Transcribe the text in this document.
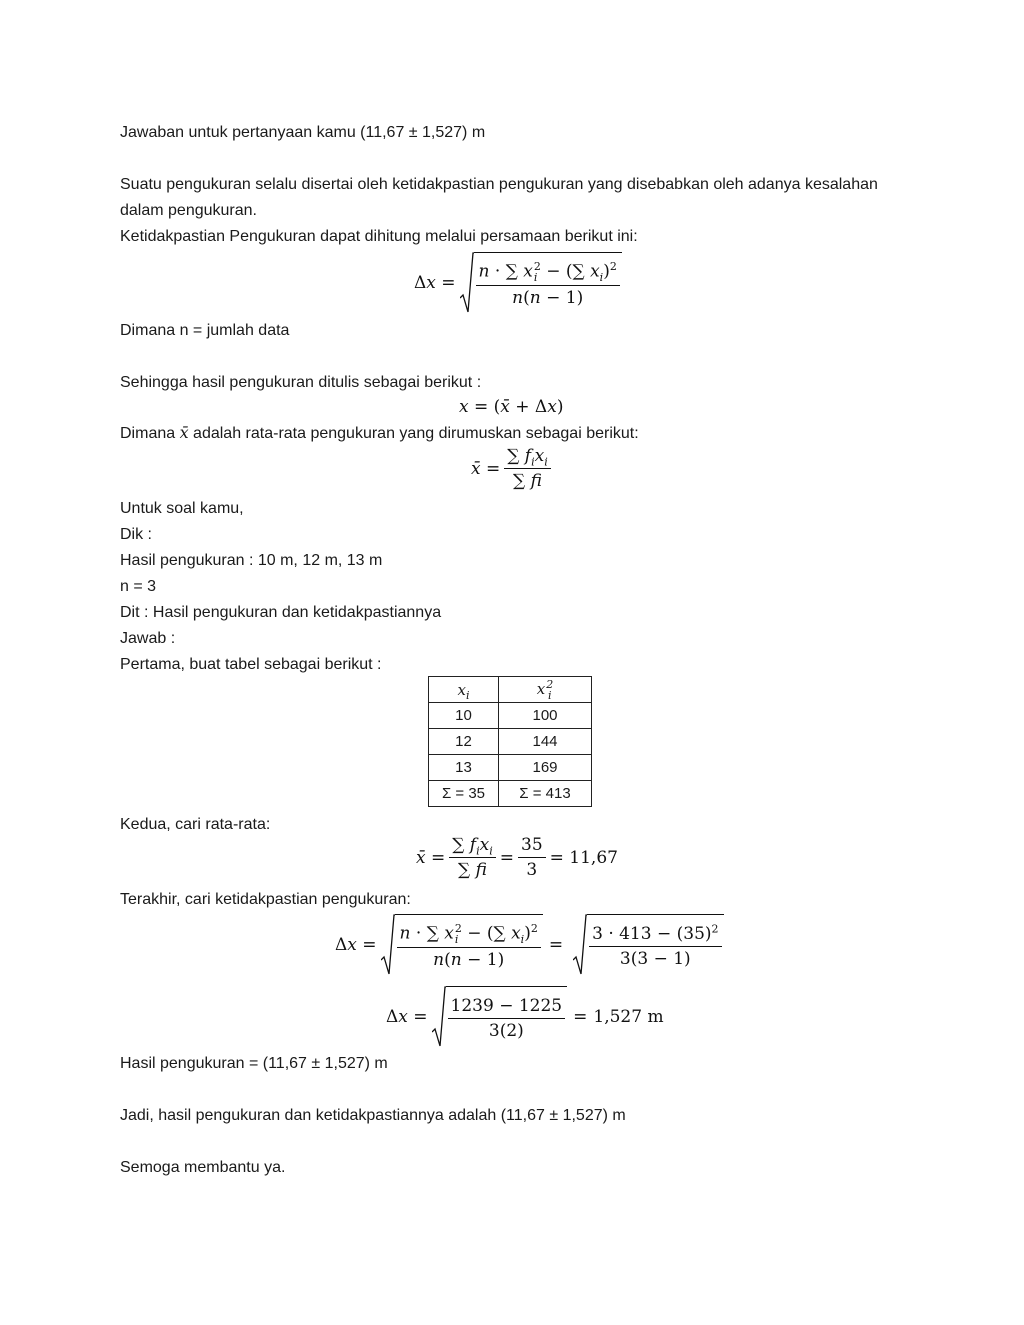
Jawaban untuk pertanyaan kamu (11,67 ± 1,527) m
Suatu pengukuran selalu disertai oleh ketidakpastian pengukuran yang disebabkan oleh adanya kesalahan
dalam pengukuran.
Ketidakpastian Pengukuran dapat dihitung melalui persamaan berikut ini:
Δx = n · ∑ x 2
i − (∑ $x_i)^2$
n(n − 1)
Dimana n = jumlah data
Sehingga hasil pengukuran ditulis sebagai berikut :
x = (x̄ + Δx)
Dimana x̄ adalah rata-rata pengukuran yang dirumuskan sebagai berikut:
x̄ = $\frac{\sum f_ix_i}{\sum fi}$
Untuk soal kamu,
Dik :
Hasil pengukuran : 10 m, 12 m, 13 m
n = 3
Dit : Hasil pengukuran dan ketidakpastiannya
Jawab :
Pertama, buat tabel sebagai berikut :
$x_i$	x 2
i

10	100
12	144
13	169
Σ = 35	Σ = 413
Kedua, cari rata-rata:
x̄ = $\frac{\sum f_ix_i}{\sum fi} = \frac{35}{3} = 11,67$
Terakhir, cari ketidakpastian pengukuran:
Δx = n · ∑ x 2
i − (∑ $x_i)^2$
$n(n - 1) = \frac{3 \cdot 413 - (35)^2}{3(3 - 1)}$
$\Delta x = \frac{1239 - 1225}{3(2)} = 1,527$ m
Hasil pengukuran = (11,67 ± 1,527) m
Jadi, hasil pengukuran dan ketidakpastiannya adalah (11,67 ± 1,527) m
Semoga membantu ya.
